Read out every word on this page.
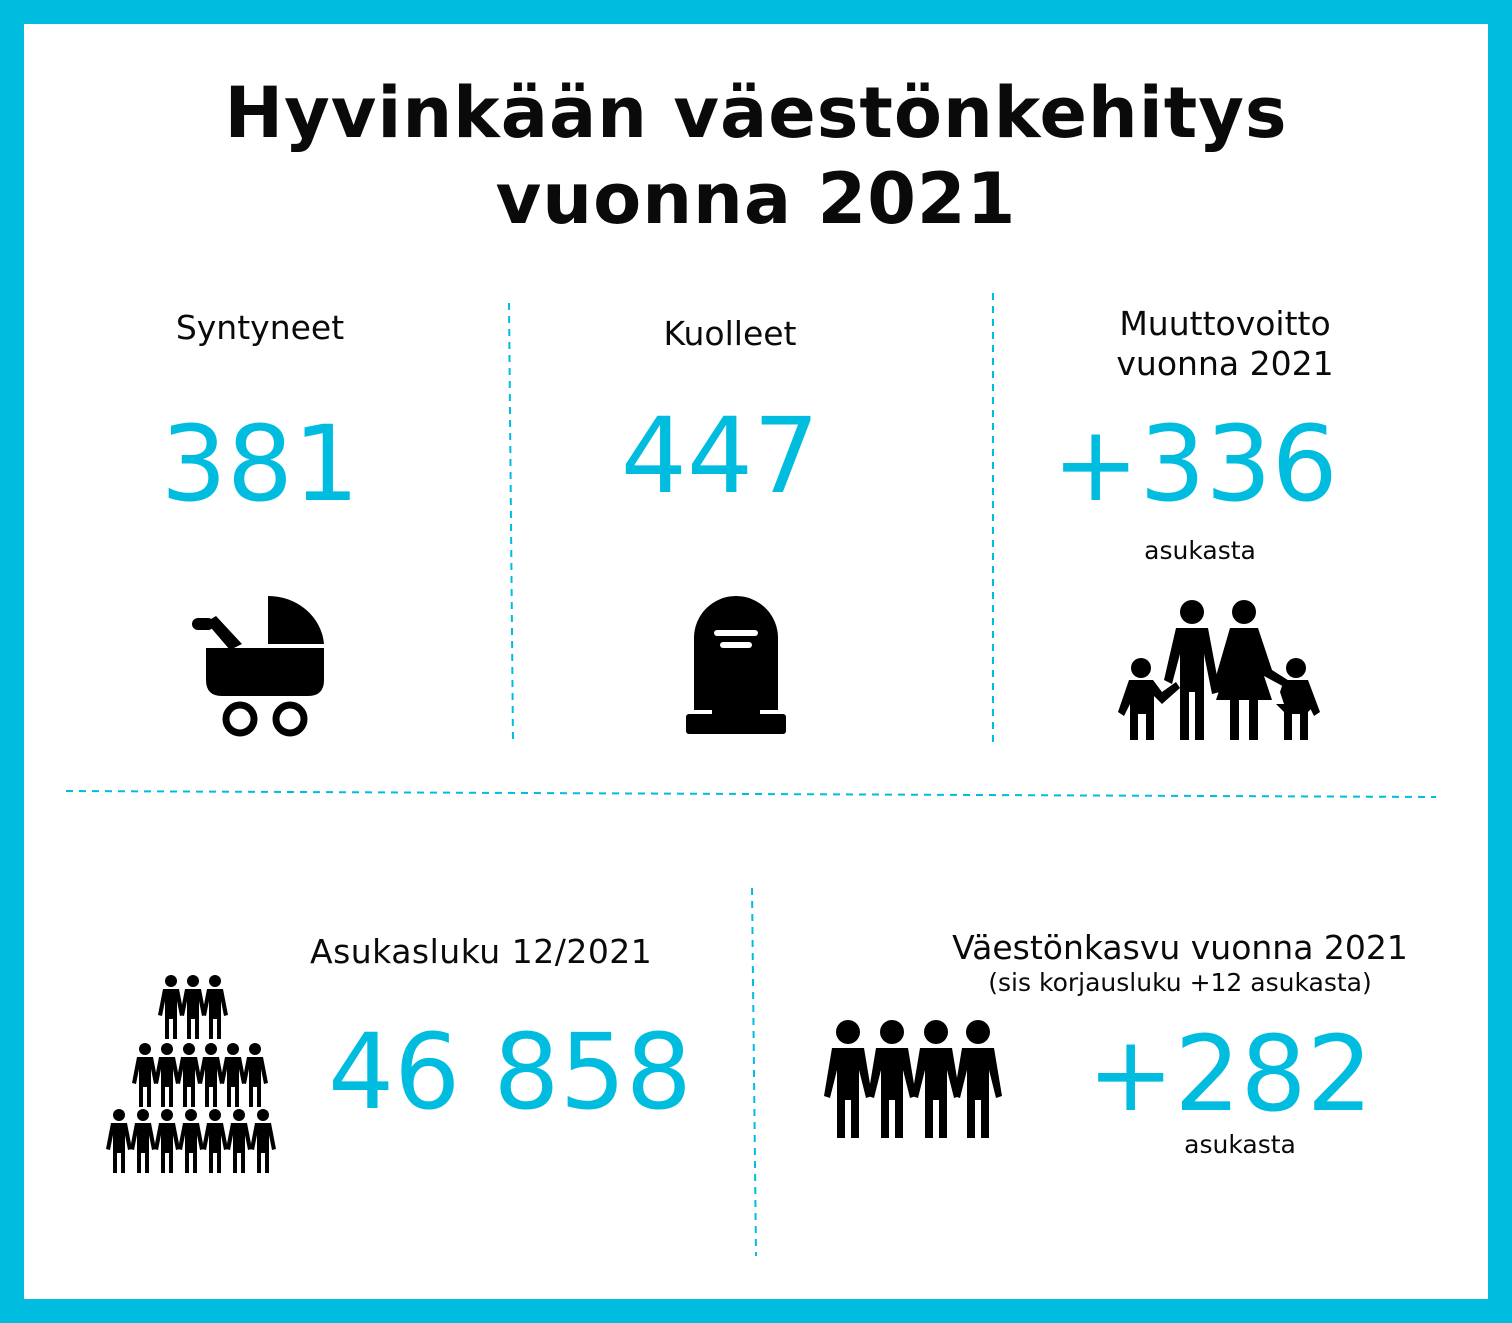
Hyvinkään väestönkehitys
vuonna 2021
Syntyneet
381
Kuolleet
447
Muuttovoitto
vuonna 2021
+336
asukasta
Asukasluku 12/2021
46 858
Väestönkasvu vuonna 2021
(sis korjausluku +12 asukasta)
+282
asukasta
